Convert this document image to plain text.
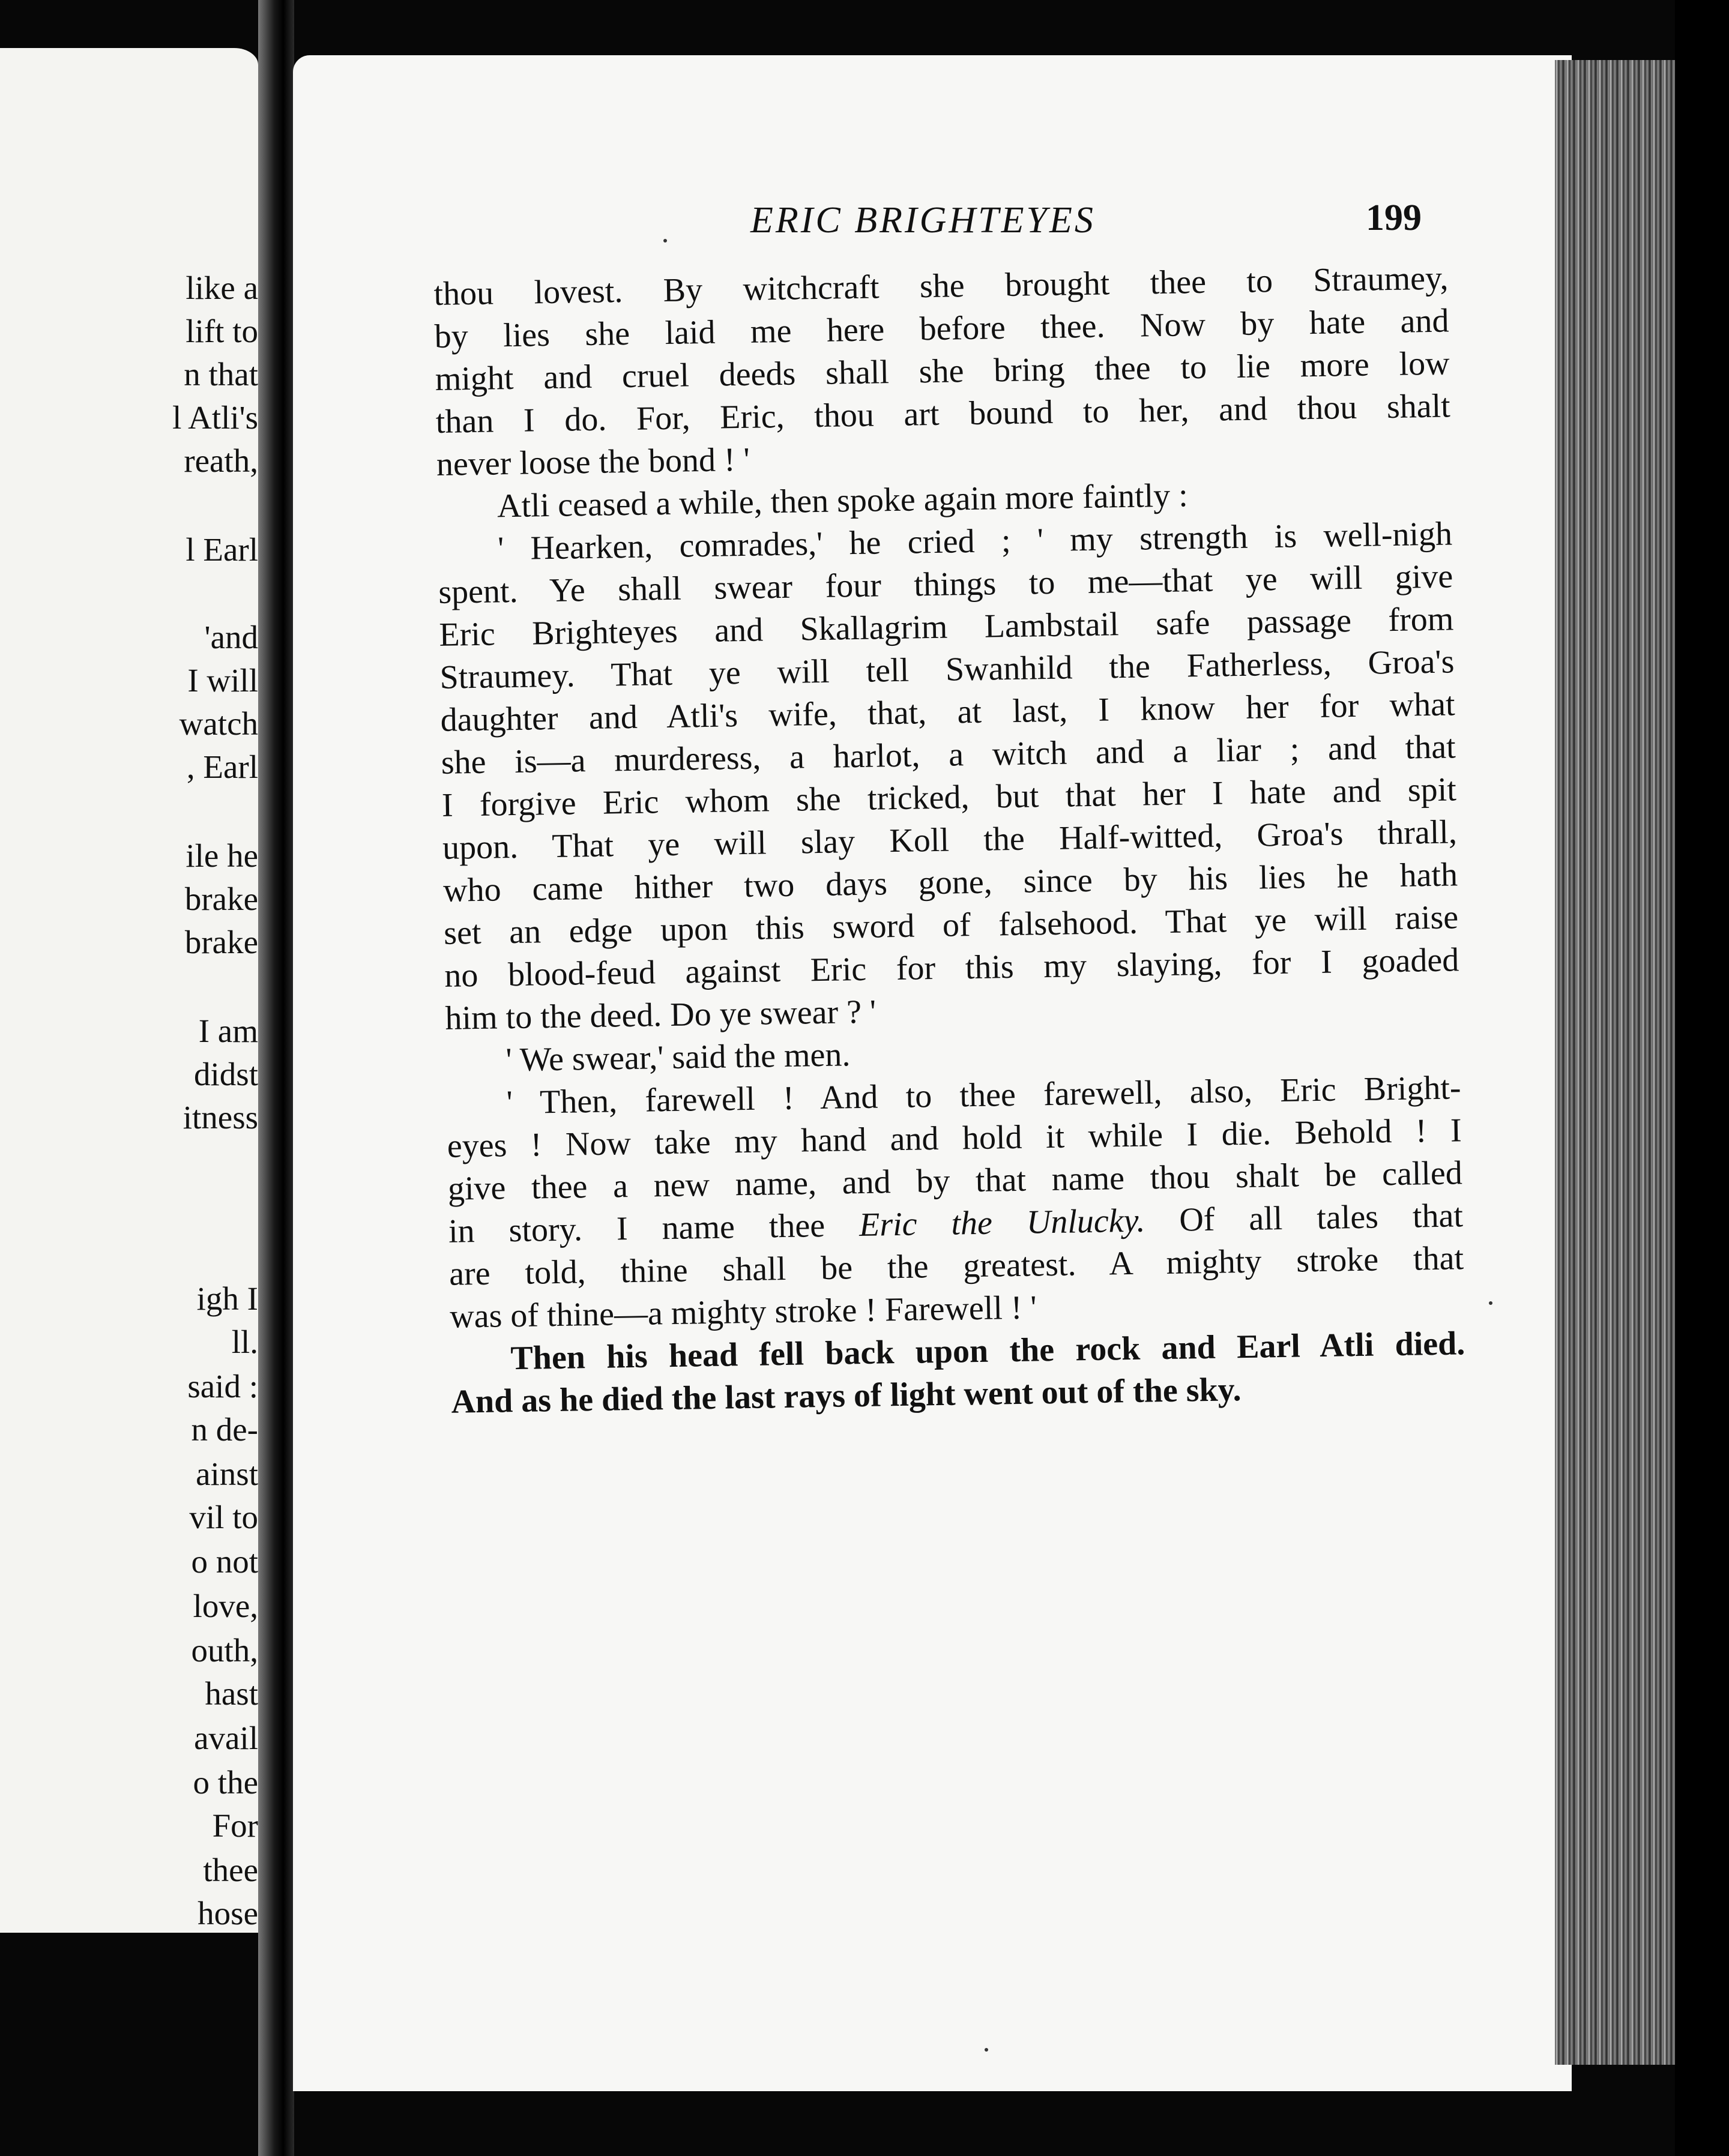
like a
lift to
n that
l Atli's
reath,
l Earl
'and
I will
watch
, Earl
ile he
brake
brake
I am
didst
itness
igh I
ll.
said :
n de-
ainst
vil to
o not
love,
outh,
hast
avail
o the
For
thee
hose
ERIC BRIGHTEYES	199
thou lovest. By witchcraft she brought thee to Straumey,
by lies she laid me here before thee. Now by hate and
might and cruel deeds shall she bring thee to lie more low
than I do. For, Eric, thou art bound to her, and thou shalt
never loose the bond ! '
Atli ceased a while, then spoke again more faintly :
' Hearken, comrades,' he cried ; ' my strength is well-nigh
spent. Ye shall swear four things to me—that ye will give
Eric Brighteyes and Skallagrim Lambstail safe passage from
Straumey. That ye will tell Swanhild the Fatherless, Groa's
daughter and Atli's wife, that, at last, I know her for what
she is—a murderess, a harlot, a witch and a liar ; and that
I forgive Eric whom she tricked, but that her I hate and spit
upon. That ye will slay Koll the Half-witted, Groa's thrall,
who came hither two days gone, since by his lies he hath
set an edge upon this sword of falsehood. That ye will raise
no blood-feud against Eric for this my slaying, for I goaded
him to the deed. Do ye swear ? '
' We swear,' said the men.
' Then, farewell ! And to thee farewell, also, Eric Bright-
eyes ! Now take my hand and hold it while I die. Behold ! I
give thee a new name, and by that name thou shalt be called
in story. I name thee Eric the Unlucky. Of all tales that
are told, thine shall be the greatest. A mighty stroke that
was of thine—a mighty stroke ! Farewell ! '
Then his head fell back upon the rock and Earl Atli died.
And as he died the last rays of light went out of the sky.
